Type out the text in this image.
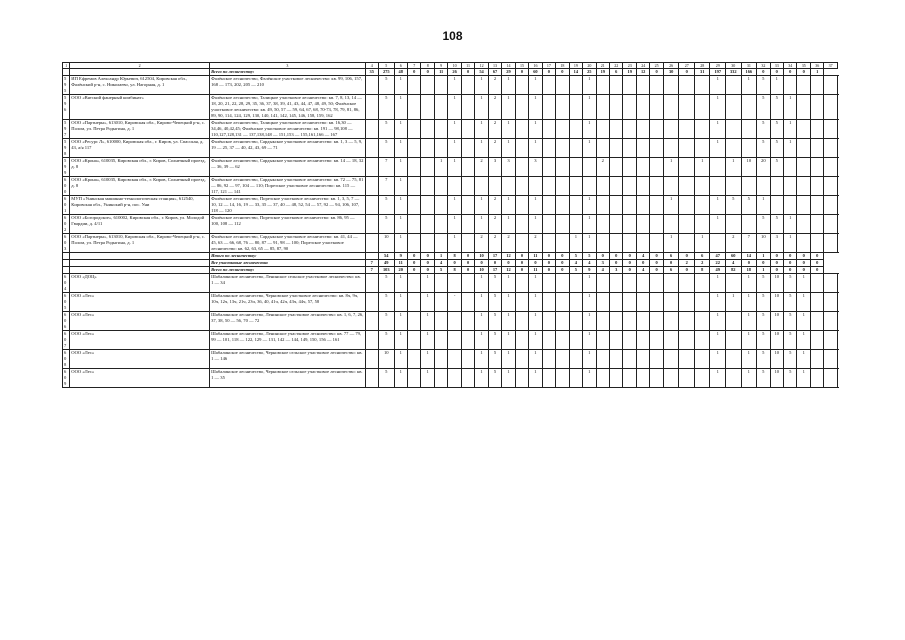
108
1	2	3	4	5	6	7	8	9	10	11	12	13	14	15	16	17	18	19	20	21	22	23	24	25	26	27	28	29	30	31	32	33	34	35	36	37	
		Всего по лесничеству:	35	275	48	0	0	11	26	0	54	67	29	0	60	0	0	14	25	19	6	19	12	0	30	0	31	197	332	166	0	0	0	0	1		
595	ИП Ефремов Александр Юрьевич, 612504, Кировская обл., Фалёнский р-н, с. Николаево, ул. Нагорная, д. 1	Фалёнское лесничество, Фалёнское участковое лесничество: кв. 99, 106, 157, 168 — 173, 202, 205 — 210		5	1				1		1	2	1		1				1									1		1	5	1					
596	ООО «Вятский фанерный комбинат»	Фалёнское лесничество, Талицкое участковое лесничество: кв. 7, 8, 13, 14 — 18, 20, 21, 22, 28, 29, 35, 36, 37, 38, 39, 41, 43, 44, 47, 48, 49, 50; Фалёнское участковое лесничество: кв. 49, 50, 57 — 59, 64, 67, 68, 70-73, 78, 79, 81, 86, 89, 90, 114, 124, 129, 130, 140, 141, 142, 145, 146, 158, 159, 162		5	1				1		1	2	1		1				1									1			5	5	1				
597	ООО «Партнеры», 613010, Кировская обл., Кирово-Чепецкий р-н, с. Полом, ул. Петра Родыгина, д. 1	Фалёнское лесничество, Талицкое участковое лесничество: кв. 16,30 — 34,46, 40,42,45; Фалёнское участковое лесничество: кв. 191 — 98,108 — 110,127,128,131 — 137,138,148 — 151,153 — 155,161,166 — 167		5	1				1		1	2	1		1				1									1			5	5	1				
598	ООО «Ресурс Л», 610000, Кировская обл., г. Киров, ул. Спасская, д. 43, а/я 117	Фалёнское лесничество, Сардыкское участковое лесничество: кв. 1, 3 — 5, 9, 19 — 25, 37 — 40, 42, 43, 69 — 71		5	1				1		1	2	1		1				1									1			5	5	1				
599	ООО «Крона», 610035, Кировская обл., г. Киров, Солнечный проезд, д. 8	Фалёнское лесничество, Сардыкское участковое лесничество: кв. 14 — 18, 32 — 36, 39 — 62		7	1			1	1		2	3	3		3					2					1		1		1	10	20	5					
600	ООО «Крона», 610035, Кировская обл., г. Киров, Солнечный проезд, д. 8	Фалёнское лесничество, Сардыкское участковое лесничество: кв. 72 — 75, 81 — 86, 92 — 97, 104 — 110; Порезское участковое лесничество: кв. 115 — 117, 121 — 141		7	1																																
601	МУП «Унинская машинно-технологическая станция», 612540, Кировская обл., Унинский р-н, пос. Уни	Фалёнское лесничество, Порезское участковое лесничество: кв. 1, 3, 5, 7 — 10, 12 — 14, 16, 19 — 33, 35 — 37, 40 — 48, 52, 54 — 57, 92 — 94, 106, 107, 118 — 120		5	1				1		1	2	1		1				1						1			1	5	5	1						
602	ООО «Богородское», 610002, Кировская обл., г. Киров, ул. Молодой Гвардии, д. 4/11	Фалёнское лесничество, Порезское участковое лесничество: кв. 86, 95 — 100, 108 — 112		5	1				1		1	2	1		1				1									1			5	5	1				
603	ООО «Партнеры», 613010, Кировская обл., Кирово-Чепецкий р-н, с. Полом, ул. Петра Родыгина, д. 1	Фалёнское лесничество, Сардыкское участковое лесничество: кв. 41, 44 — 45, 63 — 66, 68, 76 — 80, 87 — 91, 98 — 100; Порезское участковое лесничество: кв. 62, 63, 65 — 85, 87, 90		10	1				1		2	2	2		2			1	1						1		1		2	7	10	3	1				
		Итого по лесничеству:		54	9	0	0	1	8	0	10	17	12	0	11	0	0	5	5	0	0	0	4	0	6	0	6	47	60	14	1	0	0	0	0		
		Все участковые лесничества	7	49	11	0	0	4	0	0	0	0	0	0	0	0	0	4	4	3	0	0	0	0	0	2	2	22	4	0	0	0	0	0	0		
		Всего по лесничеству:	7	103	20	0	0	5	8	0	10	17	12	0	11	0	0	5	9	4	3	0	4	0	6	0	8	49	82	18	1	0	0	0	0		
604	ООО «ДОЦ»	Шабалинское лесничество, Ленинское сельское участковое лесничество: кв. 1 — 34		5	1		1				1	5	1		1				1									1		1	5	10	5	1			
605	ООО «Лес»	Шабалинское лесничество, Черновское участковое лесничество: кв. 8ч, 9ч, 10ч, 12ч, 13ч, 21ч, 23ч, 36, 40, 41ч, 42ч, 43ч, 44ч, 57, 58		5	1		1		-		1	5	1		1				1									1	1	1	5	10	5	1			
606	ООО «Лес»	Шабалинское лесничество, Ленинское участковое лесничество: кв. 1, 6, 7, 26, 37, 38, 50 — 56, 70 — 72		5	1		1				1	5	1		1				1									1		1	5	10	5	1			
607	ООО «Лес»	Шабалинское лесничество, Ленинское участковое лесничество: кв. 77 — 79, 99 — 101, 118 — 122, 129 — 131, 142 — 144, 149, 150, 156 — 161		5	1		1				1	5	1		1				1									1		1	5	10	5	1			
608	ООО «Лес»	Шабалинское лесничество, Черновское сельское участковое лесничество: кв. 1 — 146		10	1		1				1	5	1		1				1									1		1	5	10	5	1			
609	ООО «Лес»	Шабалинское лесничество, Черновское сельское участковое лесничество: кв. 1 — 35		5	1		1				1	5	1		1				1									1		1	5	10	5	1			
